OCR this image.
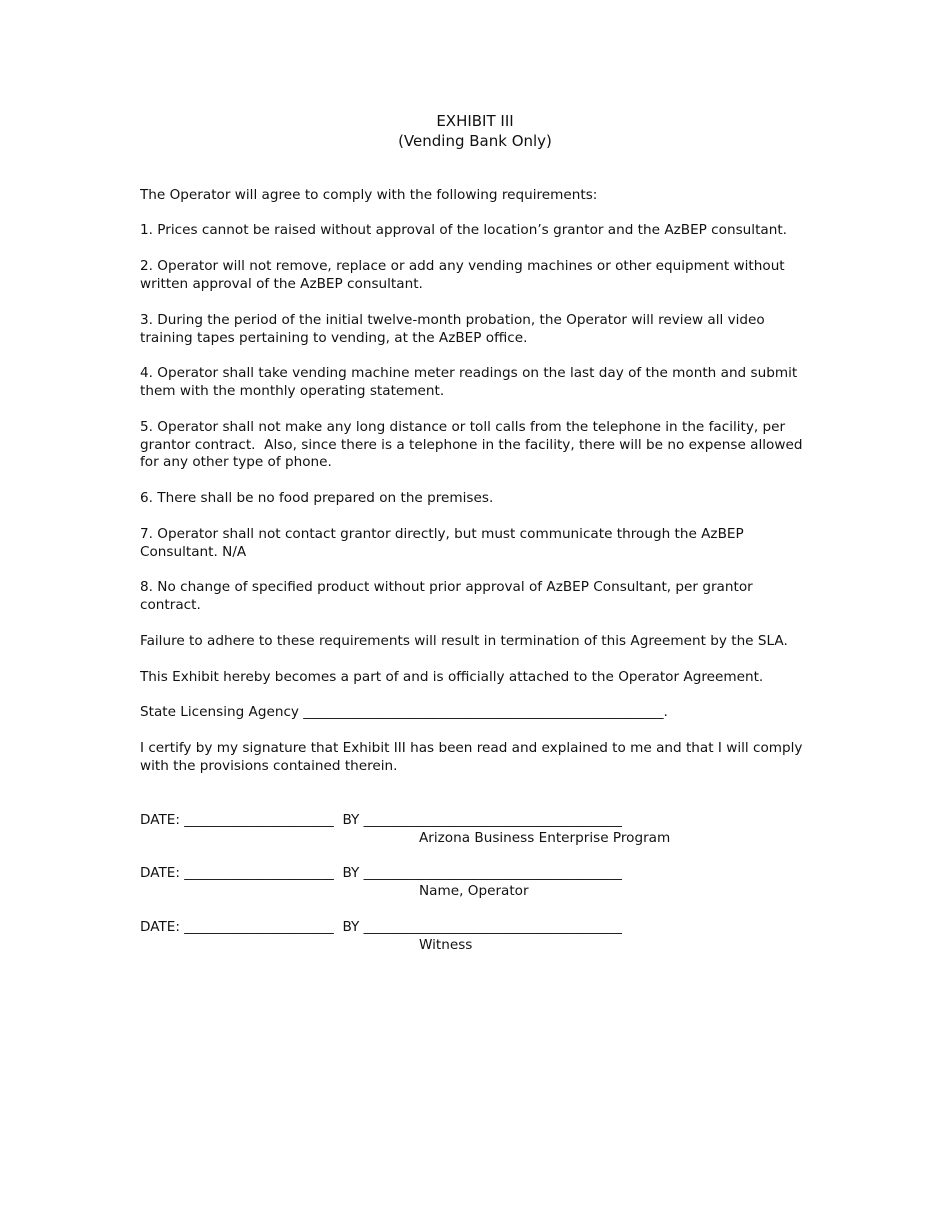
EXHIBIT III
(Vending Bank Only)
The Operator will agree to comply with the following requirements:
1. Prices cannot be raised without approval of the location’s grantor and the AzBEP consultant.
2. Operator will not remove, replace or add any vending machines or other equipment without written approval of the AzBEP consultant.
3. During the period of the initial twelve-month probation, the Operator will review all video training tapes pertaining to vending, at the AzBEP office.
4. Operator shall take vending machine meter readings on the last day of the month and submit them with the monthly operating statement.
5. Operator shall not make any long distance or toll calls from the telephone in the facility, per grantor contract.  Also, since there is a telephone in the facility, there will be no expense allowed for any other type of phone.
6. There shall be no food prepared on the premises.
7. Operator shall not contact grantor directly, but must communicate through the AzBEP Consultant. N/A
8. No change of specified product without prior approval of AzBEP Consultant, per grantor contract.
Failure to adhere to these requirements will result in termination of this Agreement by the SLA.
This Exhibit hereby becomes a part of and is officially attached to the Operator Agreement.
State Licensing Agency _____________________________________________________.
I certify by my signature that Exhibit III has been read and explained to me and that I will comply with the provisions contained therein.
DATE: ______________________  BY ______________________________________
Arizona Business Enterprise Program
DATE: ______________________  BY ______________________________________
Name, Operator
DATE: ______________________  BY ______________________________________
Witness
